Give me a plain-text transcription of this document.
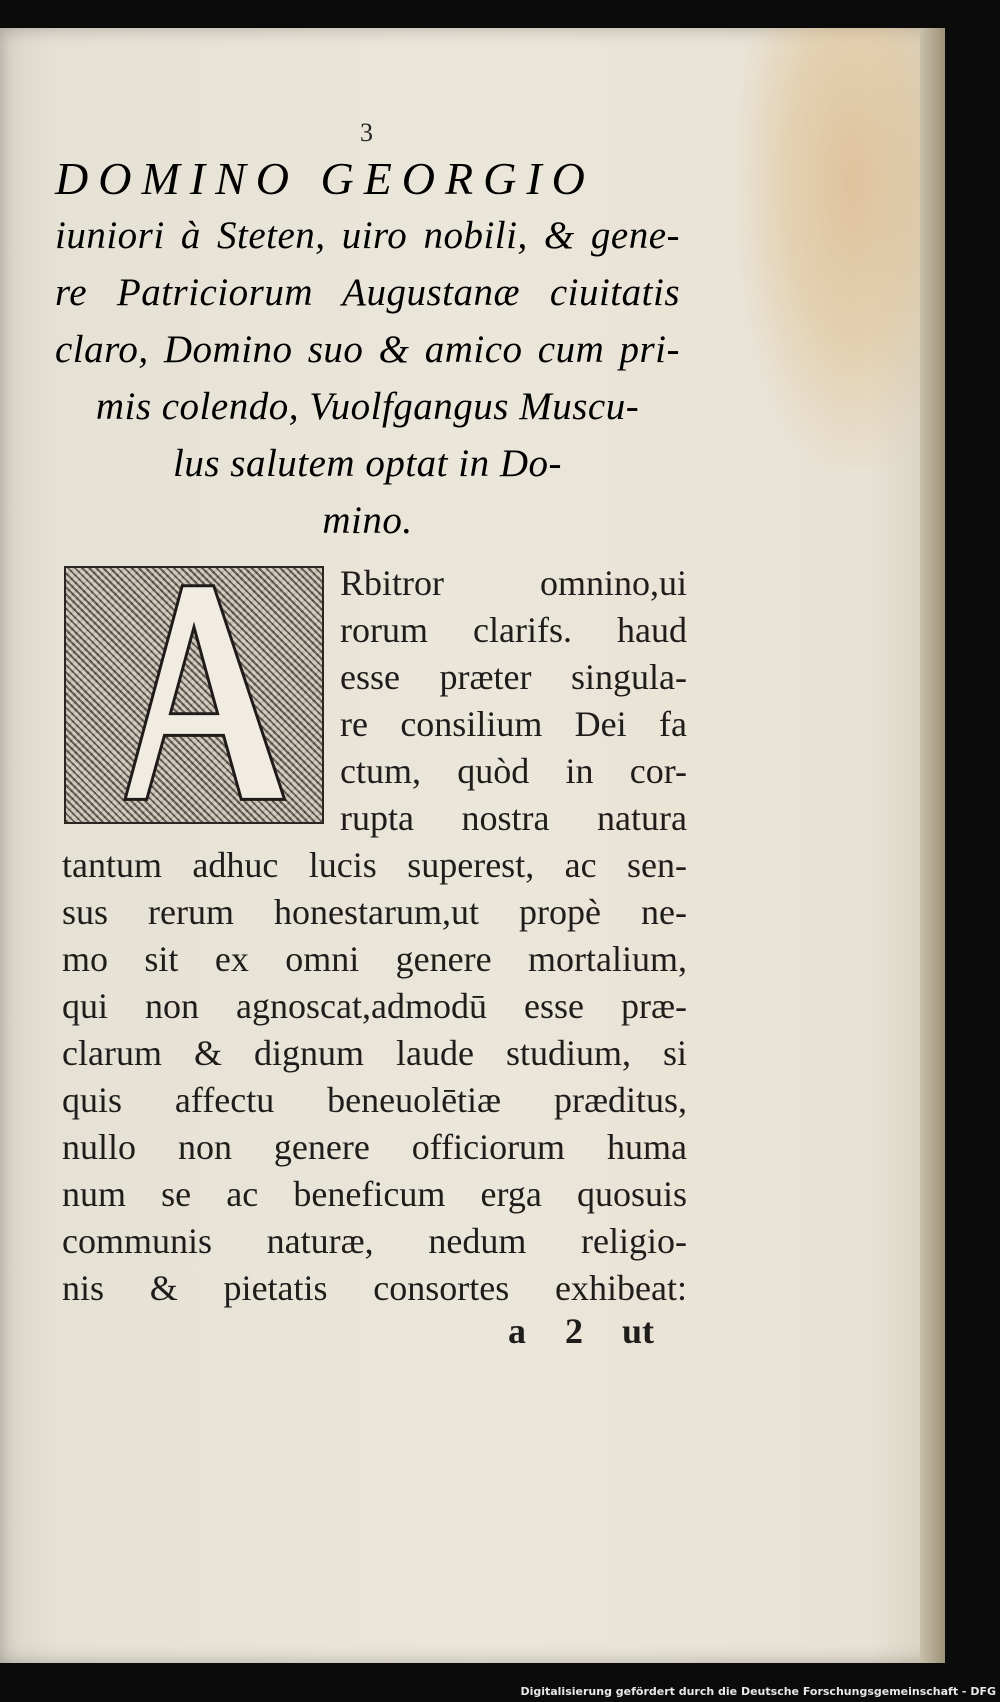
3
DOMINO GEORGIO
iuniori à Steten, uiro nobili, & gene-
re Patriciorum Augustanæ ciuitatis
claro, Domino suo & amico cum pri-
mis colendo, Vuolfgangus Muscu-
lus salutem optat in Do-
mino.
Rbitror omnino,ui
rorum clarifs. haud
esse præter singula-
re consilium Dei fa
ctum, quòd in cor-
rupta nostra natura
tantum adhuc lucis superest, ac sen-
sus rerum honestarum,ut propè ne-
mo sit ex omni genere mortalium,
qui non agnoscat,admodū esse præ-
clarum & dignum laude studium, si
quis affectu beneuolētiæ præditus,
nullo non genere officiorum huma
num se ac beneficum erga quosuis
communis naturæ, nedum religio-
nis & pietatis consortes exhibeat:
a 2 ut
Digitalisierung gefördert durch die Deutsche Forschungsgemeinschaft - DFG
